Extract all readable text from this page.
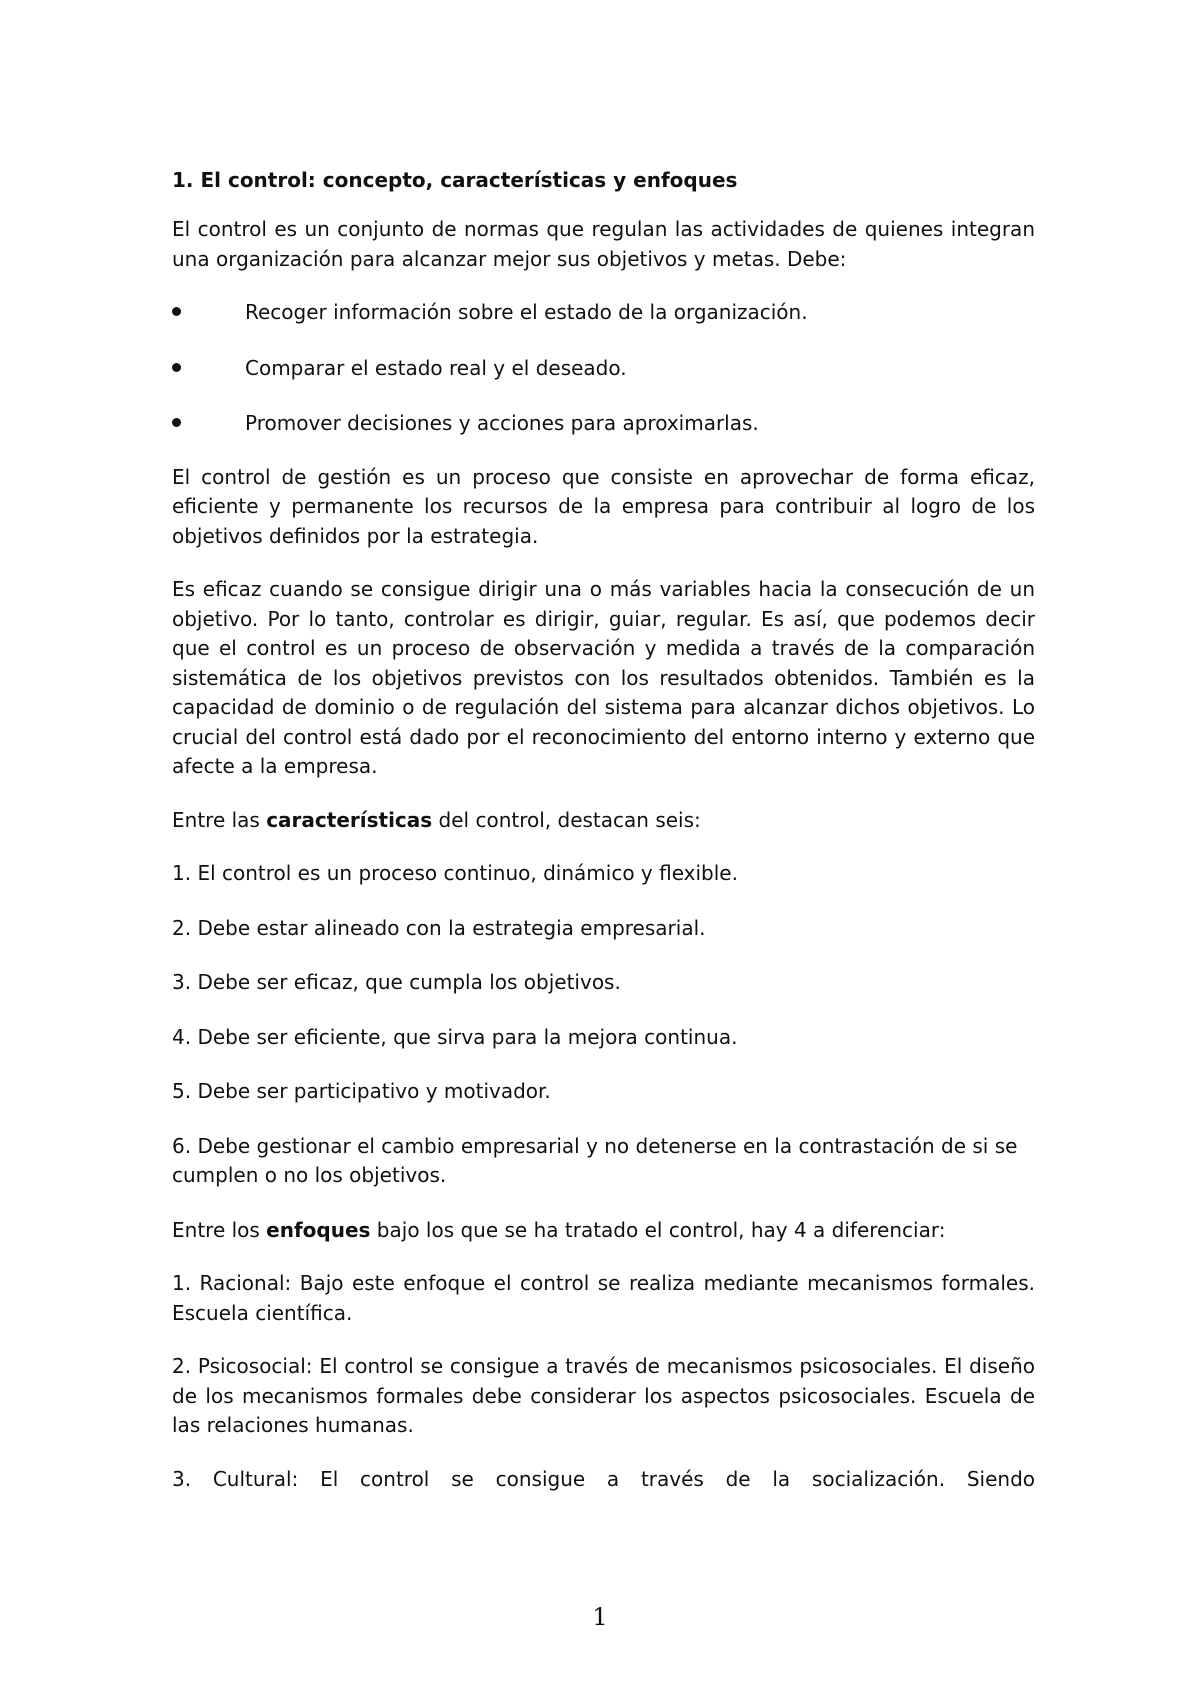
1. El control: concepto, características y enfoques

El control es un conjunto de normas que regulan las actividades de quienes integran una organización para alcanzar mejor sus objetivos y metas. Debe:

Recoger información sobre el estado de la organización.
Comparar el estado real y el deseado.
Promover decisiones y acciones para aproximarlas.

El control de gestión es un proceso que consiste en aprovechar de forma eficaz, eficiente y permanente los recursos de la empresa para contribuir al logro de los objetivos definidos por la estrategia.

Es eficaz cuando se consigue dirigir una o más variables hacia la consecución de un objetivo. Por lo tanto, controlar es dirigir, guiar, regular. Es así, que podemos decir que el control es un proceso de observación y medida a través de la comparación sistemática de los objetivos previstos con los resultados obtenidos. También es la capacidad de dominio o de regulación del sistema para alcanzar dichos objetivos. Lo crucial del control está dado por el reconocimiento del entorno interno y externo que afecte a la empresa.

Entre las características del control, destacan seis:

1. El control es un proceso continuo, dinámico y flexible.
2. Debe estar alineado con la estrategia empresarial.
3. Debe ser eficaz, que cumpla los objetivos.
4. Debe ser eficiente, que sirva para la mejora continua.
5. Debe ser participativo y motivador.
6. Debe gestionar el cambio empresarial y no detenerse en la contrastación de si se cumplen o no los objetivos.

Entre los enfoques bajo los que se ha tratado el control, hay 4 a diferenciar:

1. Racional: Bajo este enfoque el control se realiza mediante mecanismos formales. Escuela científica.

2. Psicosocial: El control se consigue a través de mecanismos psicosociales. El diseño de los mecanismos formales debe considerar los aspectos psicosociales. Escuela de las relaciones humanas.

3. Cultural: El control se consigue a través de la socialización. Siendo

1
